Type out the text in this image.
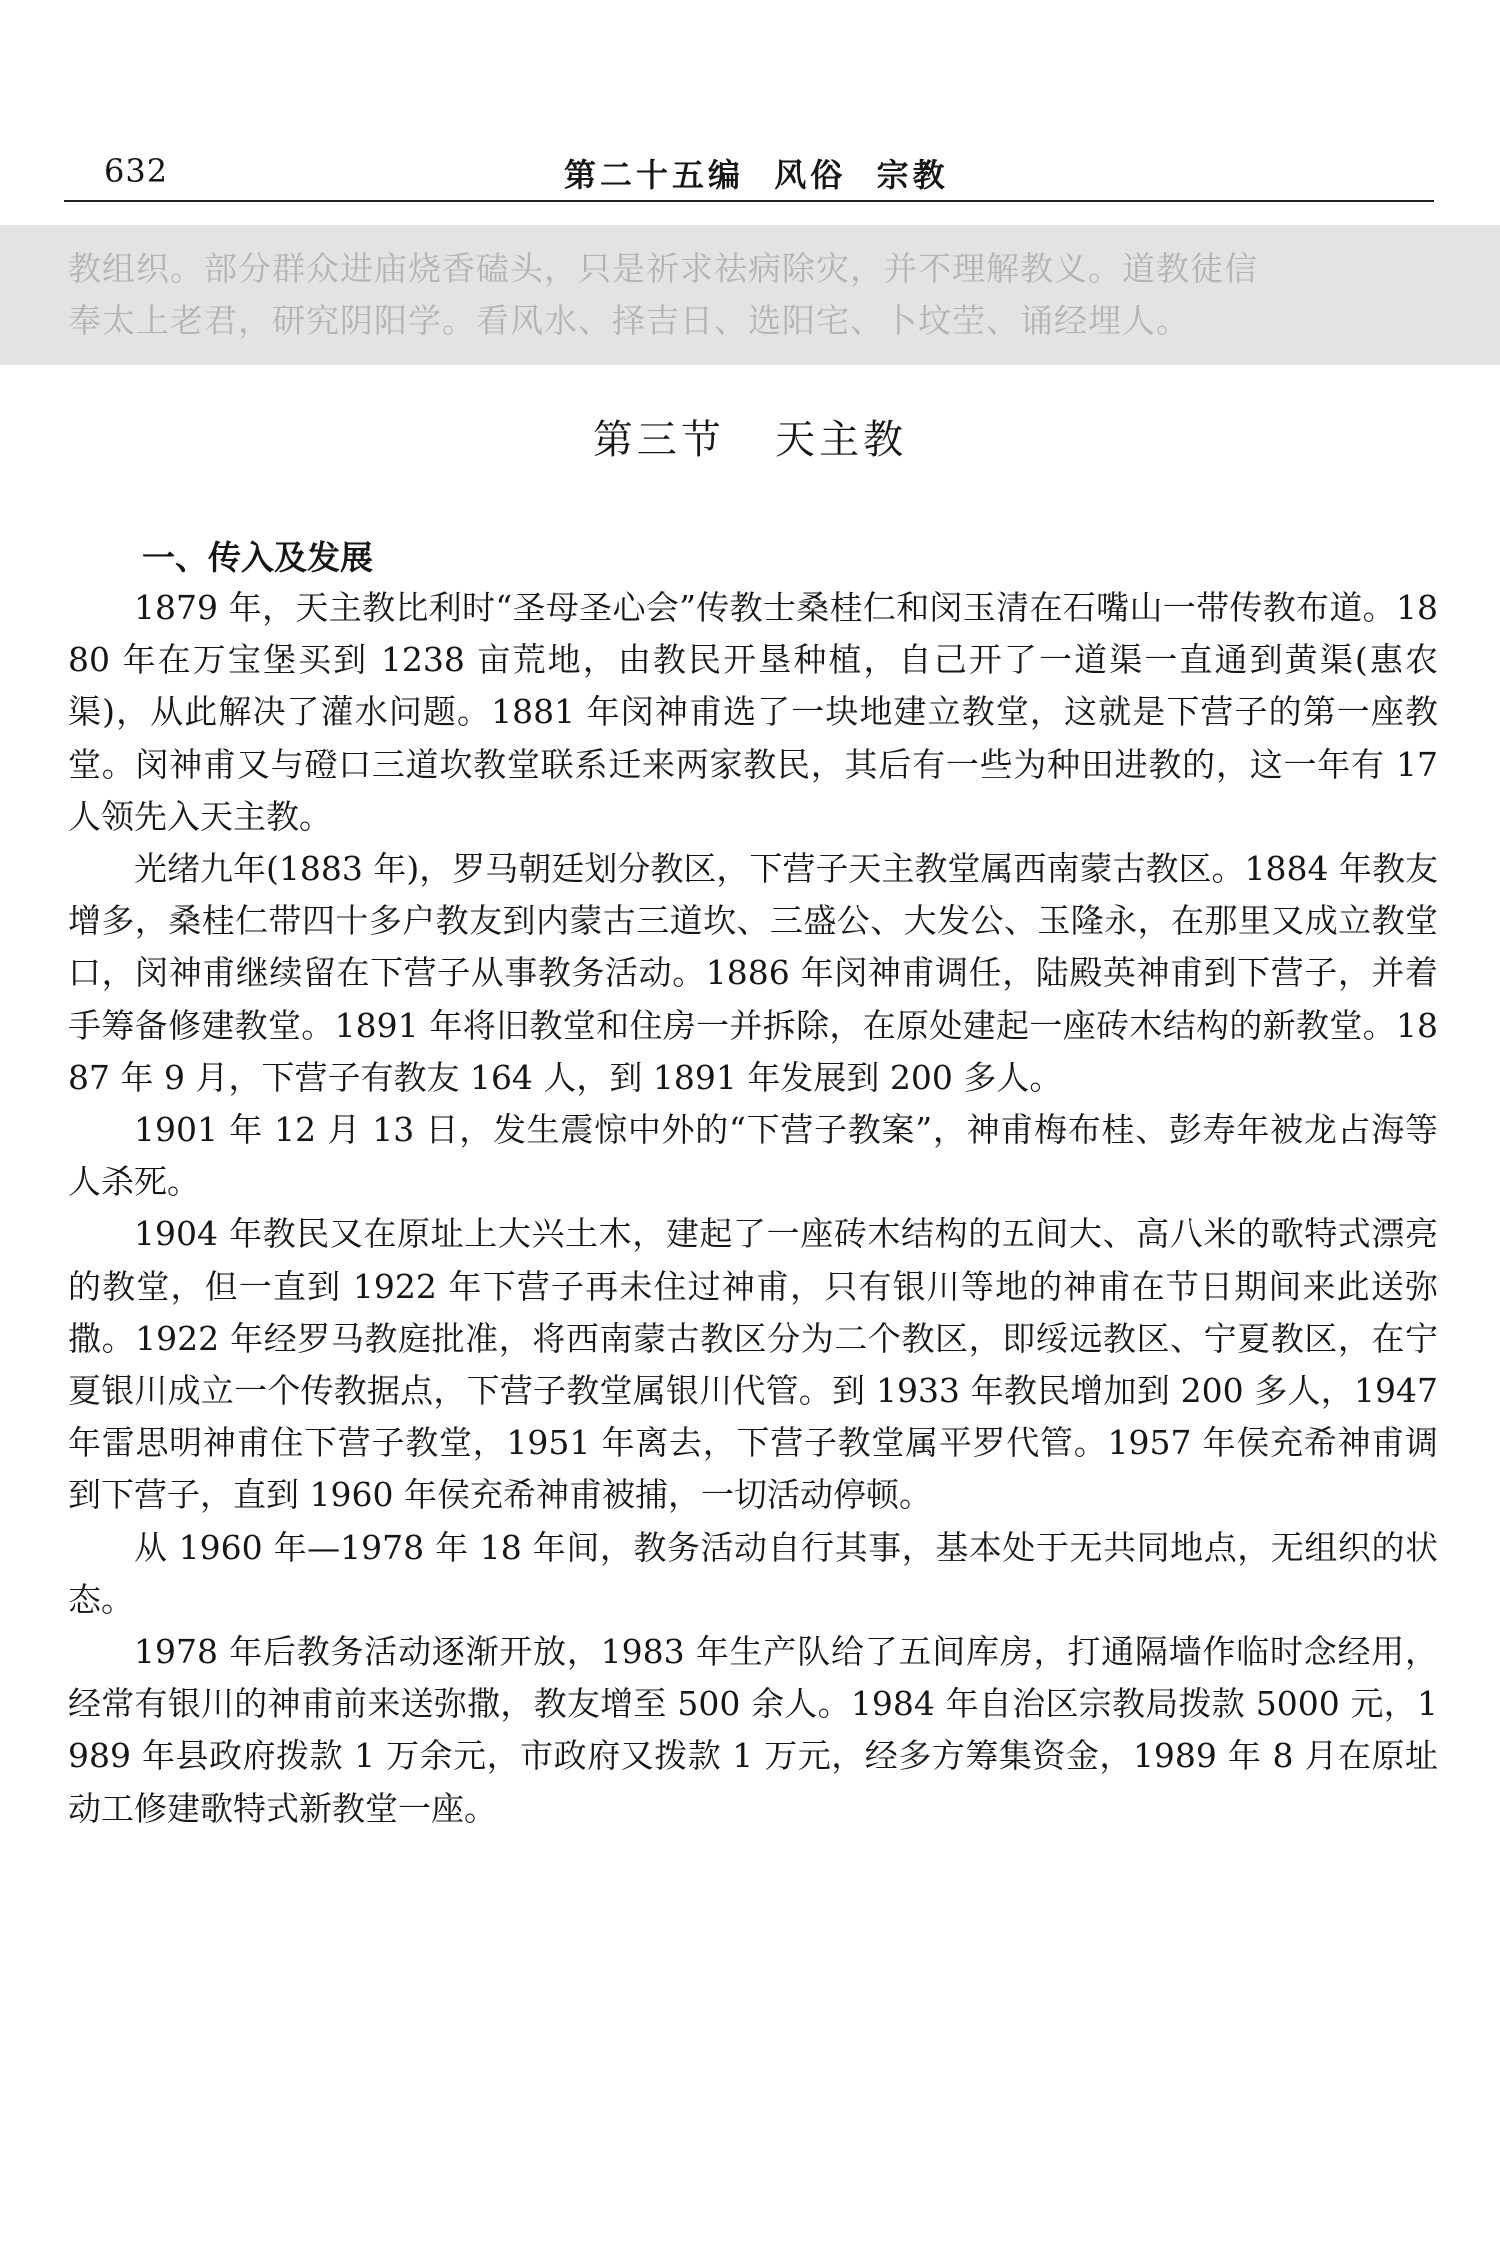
632	第二十五编  风俗  宗教

教组织。部分群众进庙烧香磕头，只是祈求祛病除灾，并不理解教义。道教徒信

奉太上老君，研究阴阳学。看风水、择吉日、选阳宅、卜坟茔、诵经埋人。

第三节   天主教
一、传入及发展

1879 年，天主教比利时“圣母圣心会”传教士桑桂仁和闵玉清在石嘴山一带传教布道。1880 年在万宝堡买到 1238 亩荒地，由教民开垦种植，自己开了一道渠一直通到黄渠(惠农渠)，从此解决了灌水问题。1881 年闵神甫选了一块地建立教堂，这就是下营子的第一座教堂。闵神甫又与磴口三道坎教堂联系迁来两家教民，其后有一些为种田进教的，这一年有 17 人领先入天主教。

光绪九年(1883 年)，罗马朝廷划分教区，下营子天主教堂属西南蒙古教区。1884 年教友增多，桑桂仁带四十多户教友到内蒙古三道坎、三盛公、大发公、玉隆永，在那里又成立教堂口，闵神甫继续留在下营子从事教务活动。1886 年闵神甫调任，陆殿英神甫到下营子，并着手筹备修建教堂。1891 年将旧教堂和住房一并拆除，在原处建起一座砖木结构的新教堂。1887 年 9 月，下营子有教友 164 人，到 1891 年发展到 200 多人。

1901 年 12 月 13 日，发生震惊中外的“下营子教案”，神甫梅布桂、彭寿年被龙占海等人杀死。

1904 年教民又在原址上大兴土木，建起了一座砖木结构的五间大、高八米的歌特式漂亮的教堂，但一直到 1922 年下营子再未住过神甫，只有银川等地的神甫在节日期间来此送弥撒。1922 年经罗马教庭批准，将西南蒙古教区分为二个教区，即绥远教区、宁夏教区，在宁夏银川成立一个传教据点，下营子教堂属银川代管。到 1933 年教民增加到 200 多人，1947 年雷思明神甫住下营子教堂，1951 年离去，下营子教堂属平罗代管。1957 年侯充希神甫调到下营子，直到 1960 年侯充希神甫被捕，一切活动停顿。

从 1960 年—1978 年 18 年间，教务活动自行其事，基本处于无共同地点，无组织的状态。

1978 年后教务活动逐渐开放，1983 年生产队给了五间库房，打通隔墙作临时念经用，经常有银川的神甫前来送弥撒，教友增至 500 余人。1984 年自治区宗教局拨款 5000 元，1989 年县政府拨款 1 万余元，市政府又拨款 1 万元，经多方筹集资金，1989 年 8 月在原址动工修建歌特式新教堂一座。
